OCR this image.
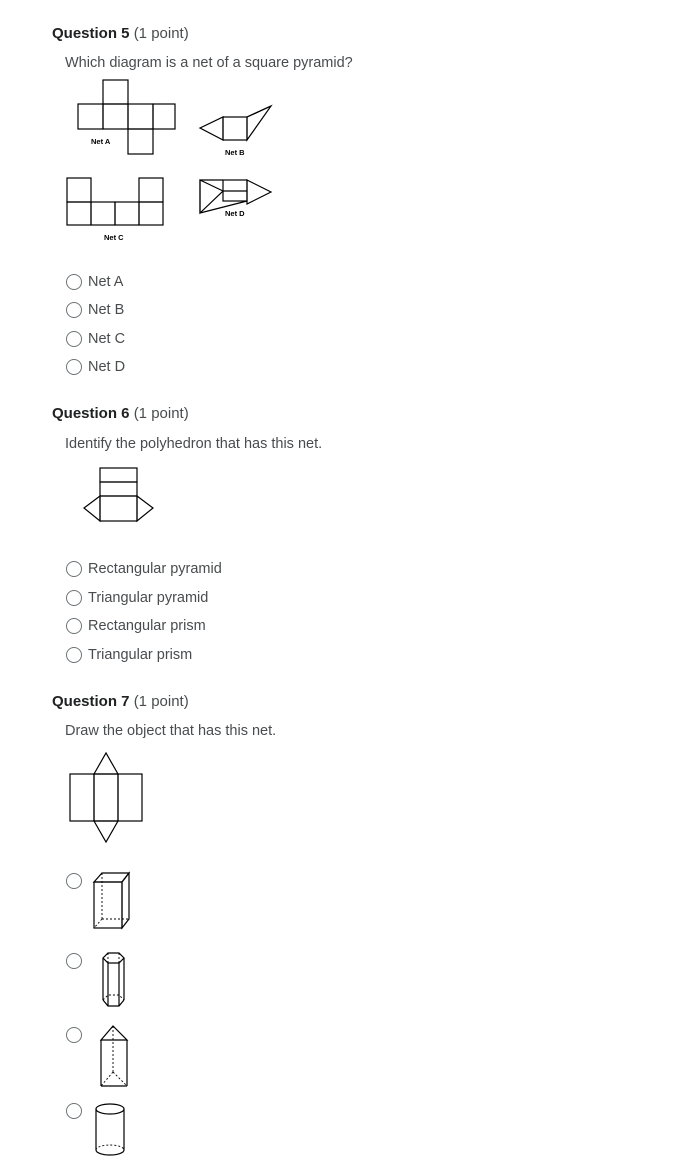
Question 5 (1 point)
Which diagram is a net of a square pyramid?
Net A
Net B
Net C
Net D
Net A
Net B
Net C
Net D
Question 6 (1 point)
Identify the polyhedron that has this net.
Rectangular pyramid
Triangular pyramid
Rectangular prism
Triangular prism
Question 7 (1 point)
Draw the object that has this net.
